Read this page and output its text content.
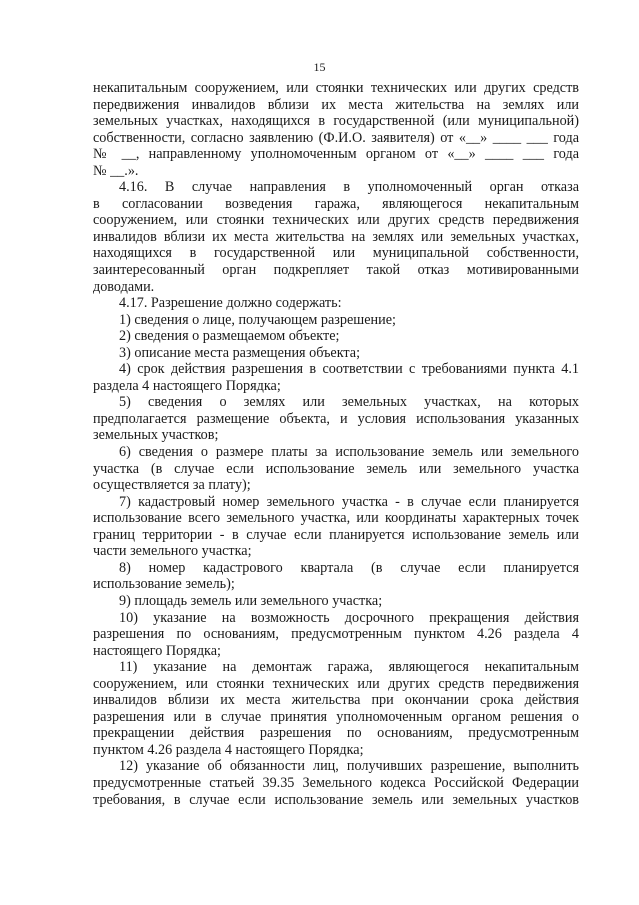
15
некапитальным сооружением, или стоянки технических или других средств
передвижения инвалидов вблизи их места жительства на землях или
земельных участках, находящихся в государственной (или муниципальной)
собственности, согласно заявлению (Ф.И.О. заявителя) от «__» ____ ___ года
№ __, направленному уполномоченным органом от «__» ____ ___ года
№ __.».
4.16. В случае направления в уполномоченный орган отказа
в согласовании возведения гаража, являющегося некапитальным
сооружением, или стоянки технических или других средств передвижения
инвалидов вблизи их места жительства на землях или земельных участках,
находящихся в государственной или муниципальной собственности,
заинтересованный орган подкрепляет такой отказ мотивированными
доводами.
4.17. Разрешение должно содержать:
1) сведения о лице, получающем разрешение;
2) сведения о размещаемом объекте;
3) описание места размещения объекта;
4) срок действия разрешения в соответствии с требованиями пункта 4.1
раздела 4 настоящего Порядка;
5) сведения о землях или земельных участках, на которых
предполагается размещение объекта, и условия использования указанных
земельных участков;
6) сведения о размере платы за использование земель или земельного
участка (в случае если использование земель или земельного участка
осуществляется за плату);
7) кадастровый номер земельного участка - в случае если планируется
использование всего земельного участка, или координаты характерных точек
границ территории - в случае если планируется использование земель или
части земельного участка;
8) номер кадастрового квартала (в случае если планируется
использование земель);
9) площадь земель или земельного участка;
10) указание на возможность досрочного прекращения действия
разрешения по основаниям, предусмотренным пунктом 4.26 раздела 4
настоящего Порядка;
11) указание на демонтаж гаража, являющегося некапитальным
сооружением, или стоянки технических или других средств передвижения
инвалидов вблизи их места жительства при окончании срока действия
разрешения или в случае принятия уполномоченным органом решения о
прекращении действия разрешения по основаниям, предусмотренным
пунктом 4.26 раздела 4 настоящего Порядка;
12) указание об обязанности лиц, получивших разрешение, выполнить
предусмотренные статьей 39.35 Земельного кодекса Российской Федерации
требования, в случае если использование земель или земельных участков
